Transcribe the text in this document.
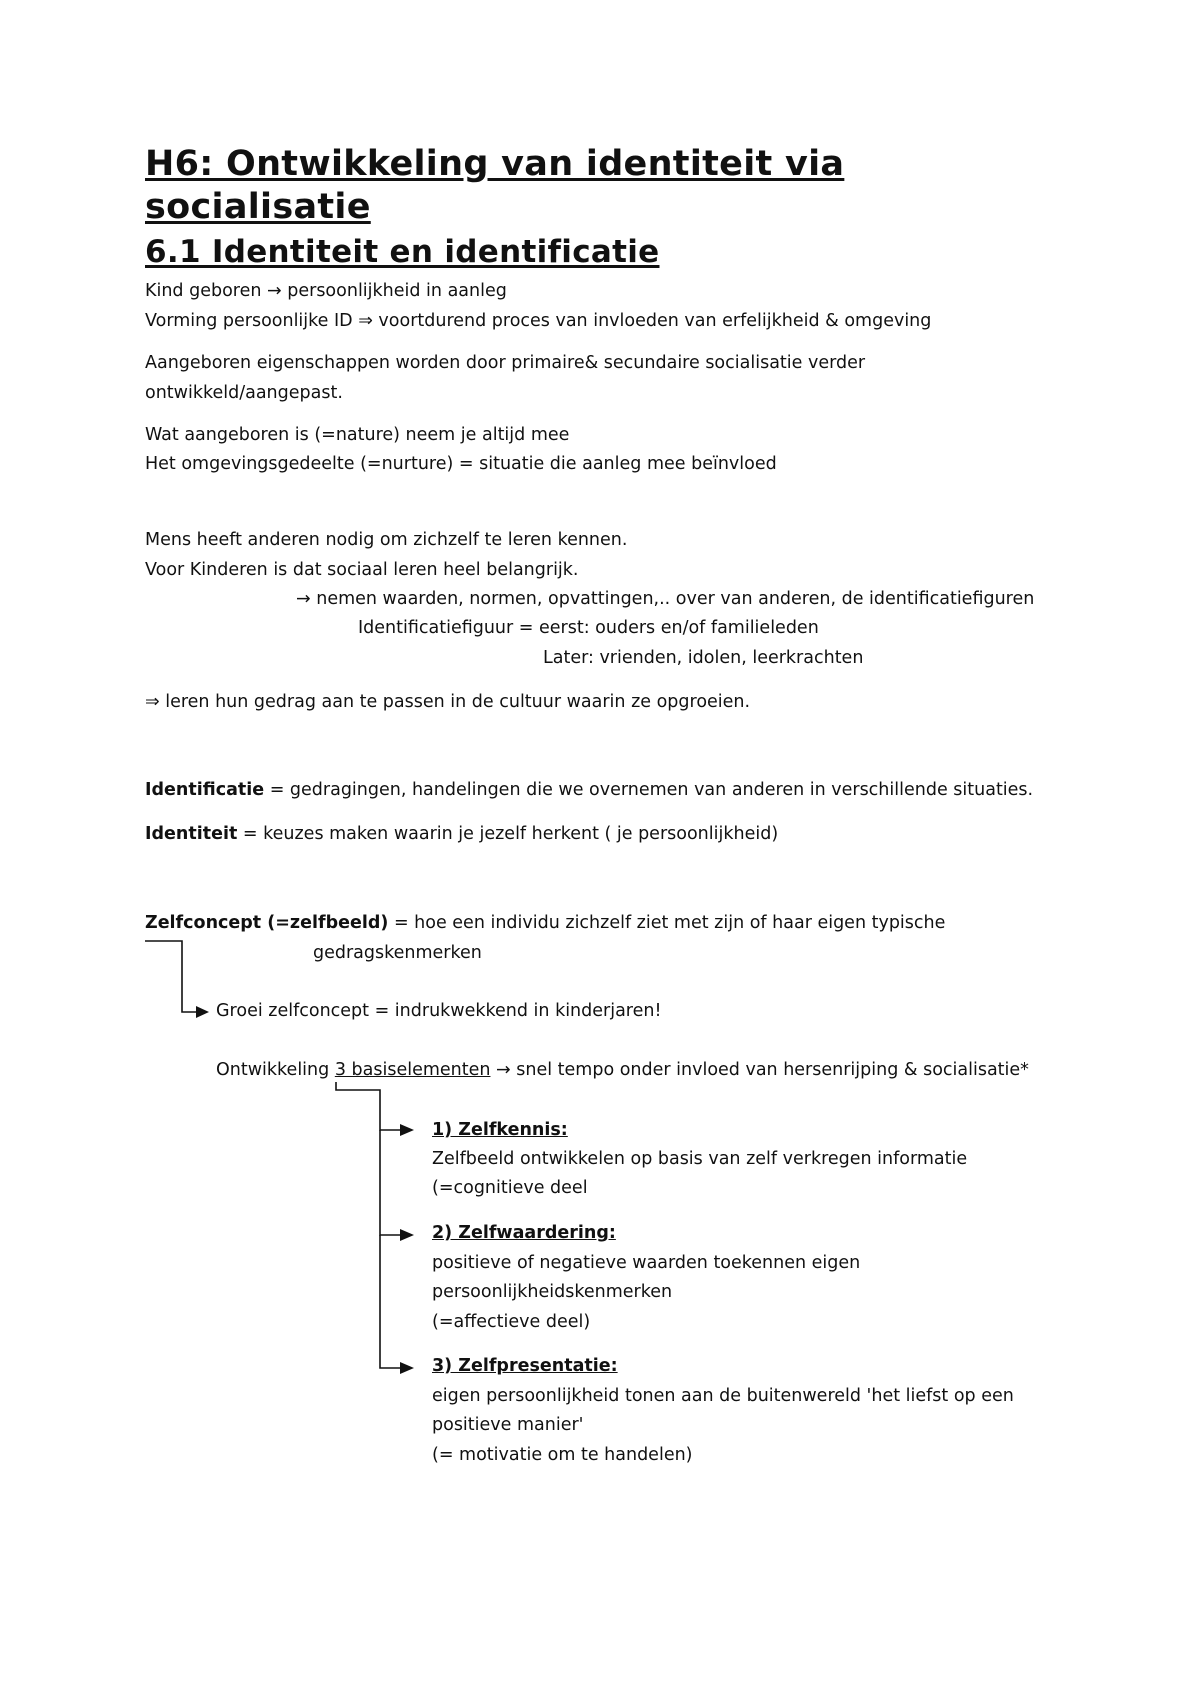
H6: Ontwikkeling van identiteit via
socialisatie
6.1 Identiteit en identificatie
Kind geboren → persoonlijkheid in aanleg
Vorming persoonlijke ID ⇒ voortdurend proces van invloeden van erfelijkheid & omgeving
Aangeboren eigenschappen worden door primaire& secundaire socialisatie verder
ontwikkeld/aangepast.
Wat aangeboren is (=nature) neem je altijd mee
Het omgevingsgedeelte (=nurture) = situatie die aanleg mee beïnvloed
Mens heeft anderen nodig om zichzelf te leren kennen.
Voor Kinderen is dat sociaal leren heel belangrijk.
→ nemen waarden, normen, opvattingen,.. over van anderen, de identificatiefiguren
Identificatiefiguur = eerst: ouders en/of familieleden
Later: vrienden, idolen, leerkrachten
⇒ leren hun gedrag aan te passen in de cultuur waarin ze opgroeien.
Identificatie = gedragingen, handelingen die we overnemen van anderen in verschillende situaties.
Identiteit = keuzes maken waarin je jezelf herkent ( je persoonlijkheid)
Zelfconcept (=zelfbeeld) = hoe een individu zichzelf ziet met zijn of haar eigen typische
gedragskenmerken
Groei zelfconcept = indrukwekkend in kinderjaren!
Ontwikkeling 3 basiselementen → snel tempo onder invloed van hersenrijping & socialisatie*
1) Zelfkennis:
Zelfbeeld ontwikkelen op basis van zelf verkregen informatie
(=cognitieve deel
2) Zelfwaardering:
positieve of negatieve waarden toekennen eigen
persoonlijkheidskenmerken
(=affectieve deel)
3) Zelfpresentatie:
eigen persoonlijkheid tonen aan de buitenwereld 'het liefst op een
positieve manier'
(= motivatie om te handelen)
